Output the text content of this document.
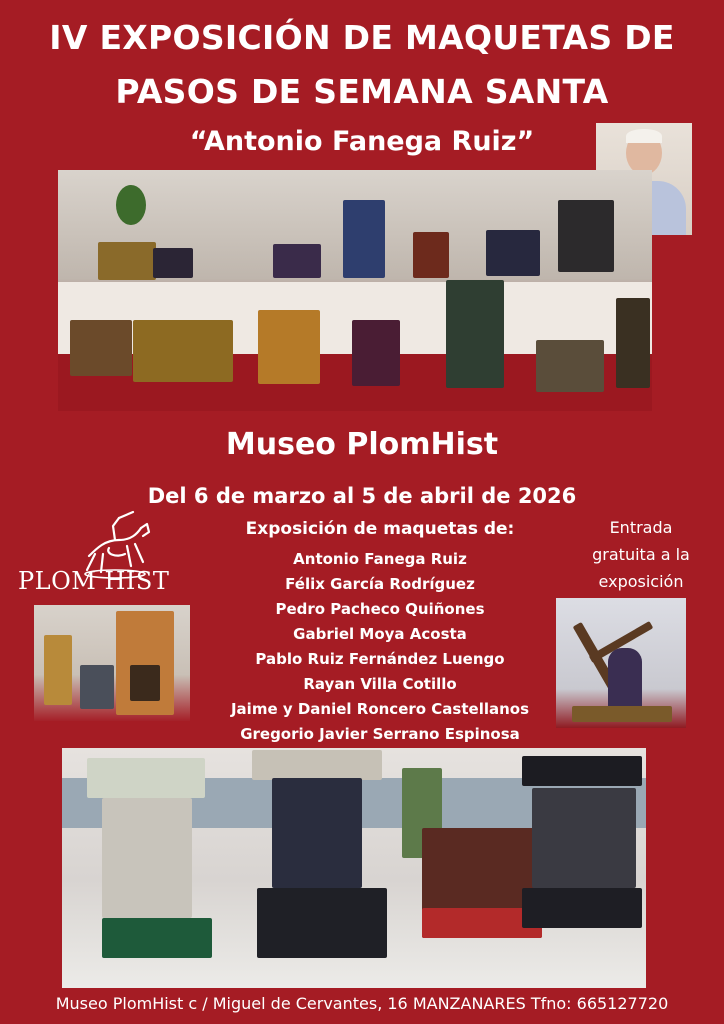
IV EXPOSICIÓN DE MAQUETAS DE
PASOS DE SEMANA SANTA
“Antonio Fanega Ruiz”
Museo PlomHist
Del 6 de marzo al 5 de abril de 2026
PLOM HIST
Exposición de maquetas de:
Antonio Fanega Ruiz
Félix García Rodríguez
Pedro Pacheco Quiñones
Gabriel Moya Acosta
Pablo Ruiz Fernández Luengo
Rayan Villa Cotillo
Jaime y Daniel Roncero Castellanos
Gregorio Javier Serrano Espinosa
Entrada
gratuita a la
exposición
Museo PlomHist c / Miguel de Cervantes, 16 MANZANARES Tfno: 665127720
